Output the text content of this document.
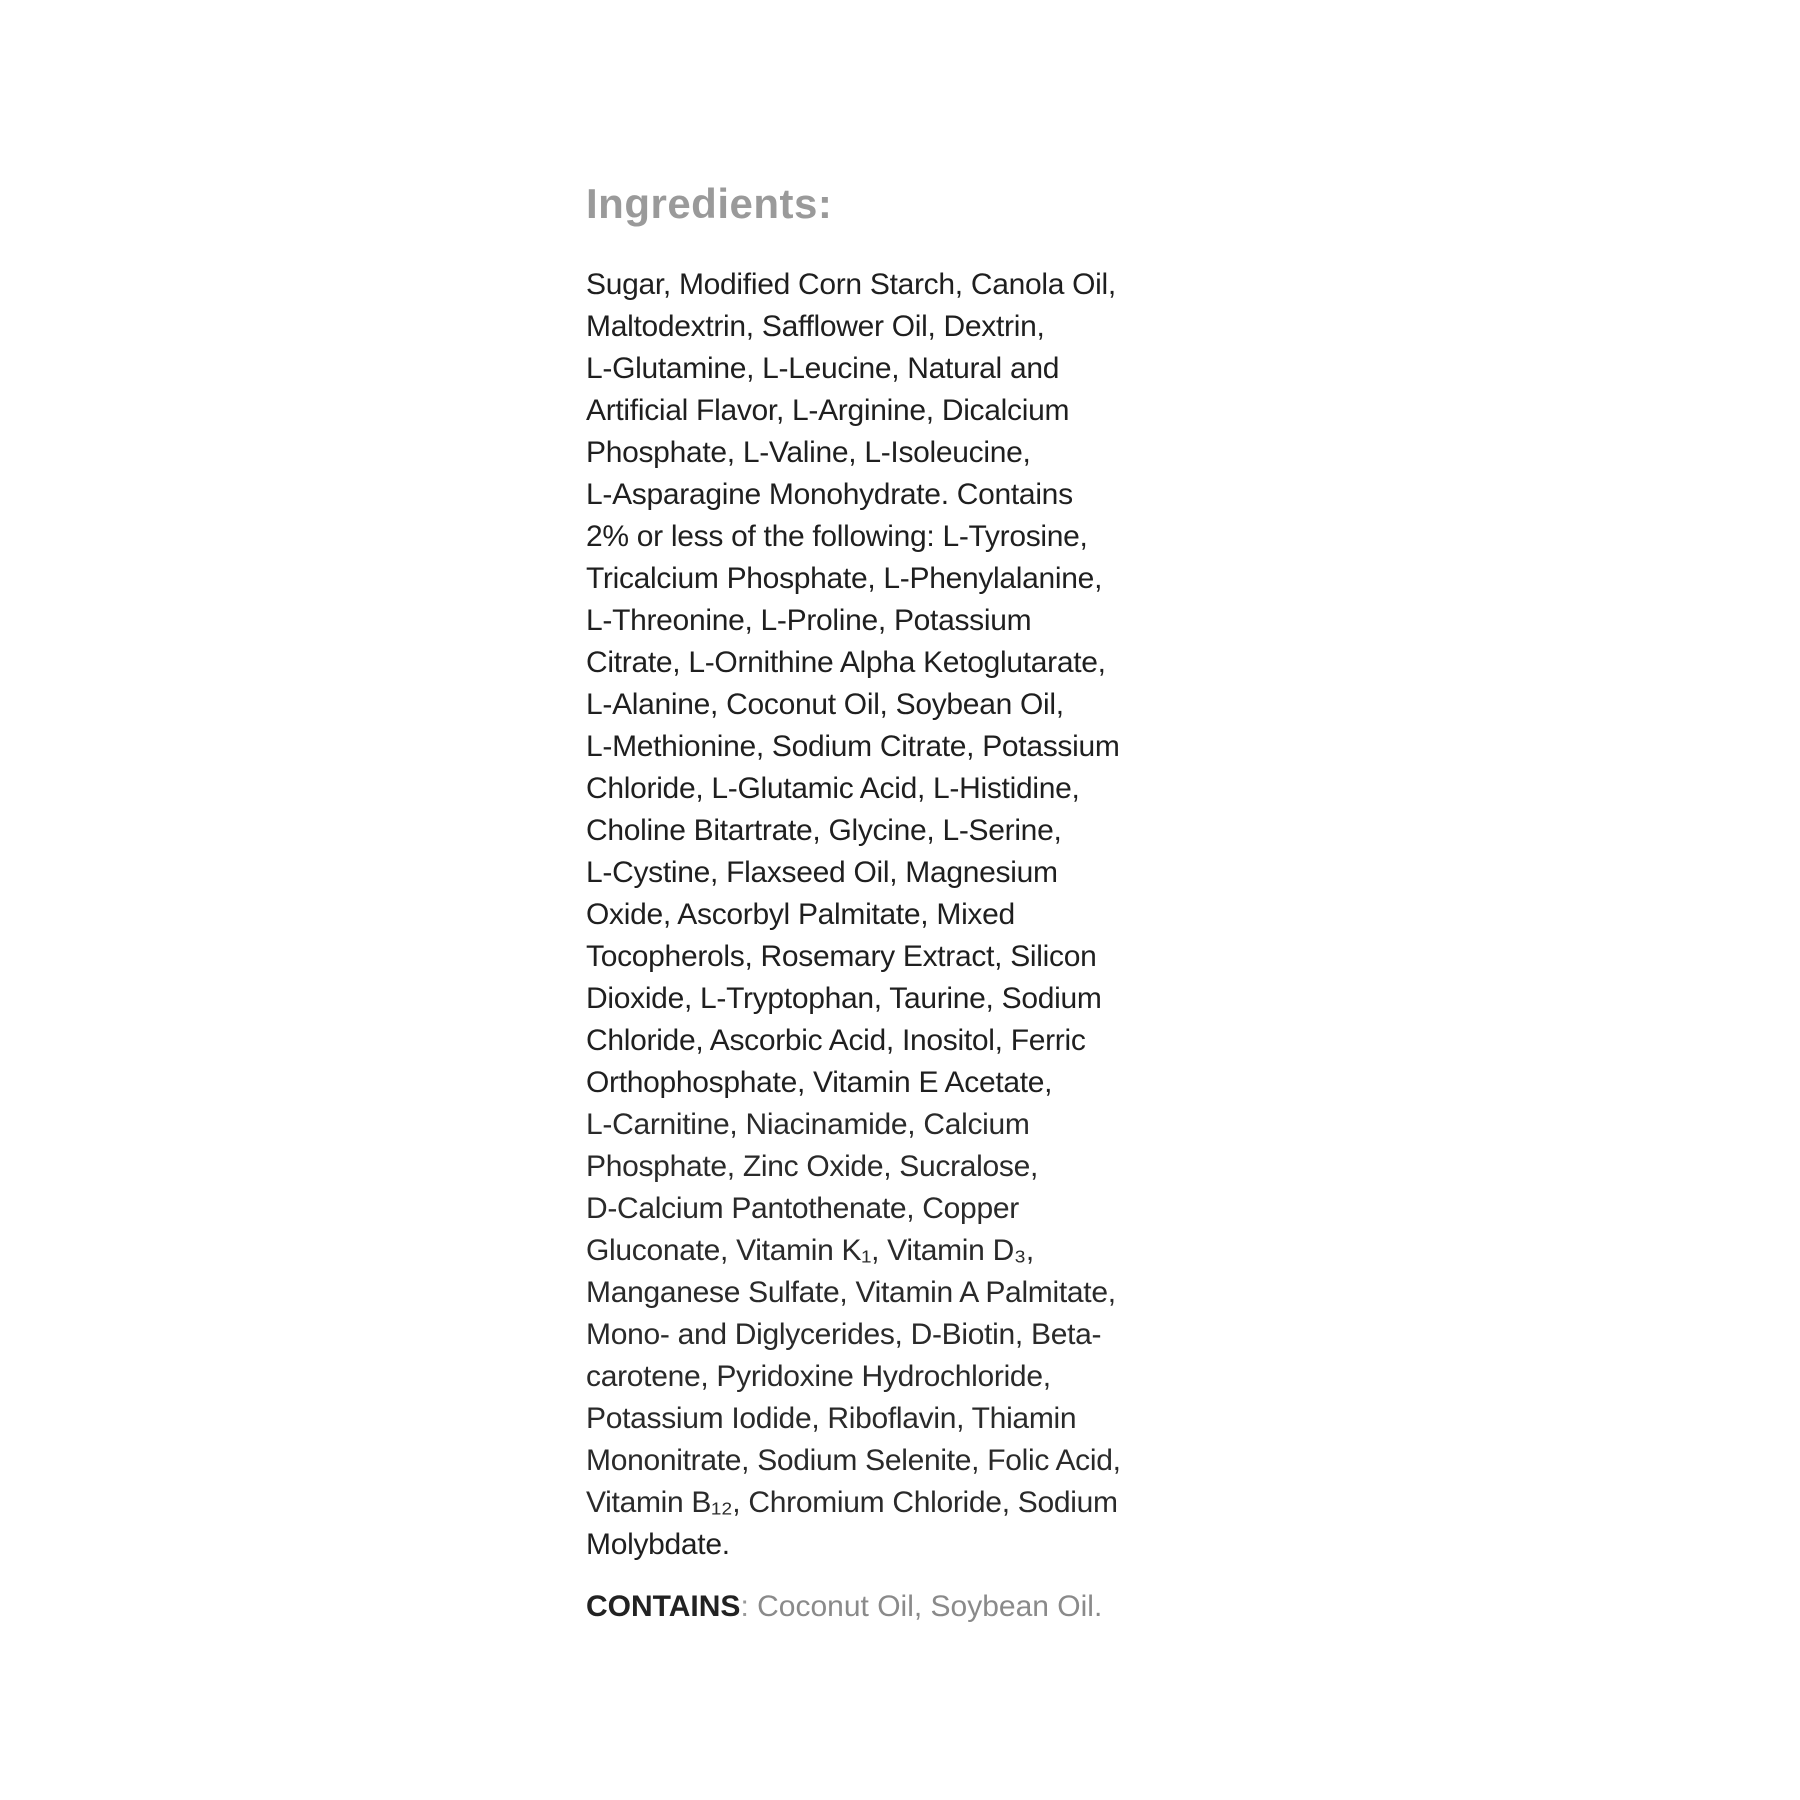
Ingredients:
Sugar, Modified Corn Starch, Canola Oil,
Maltodextrin, Safflower Oil, Dextrin,
L-Glutamine, L-Leucine, Natural and
Artificial Flavor, L-Arginine, Dicalcium
Phosphate, L-Valine, L-Isoleucine,
L-Asparagine Monohydrate. Contains
2% or less of the following: L-Tyrosine,
Tricalcium Phosphate, L-Phenylalanine,
L-Threonine, L-Proline, Potassium
Citrate, L-Ornithine Alpha Ketoglutarate,
L-Alanine, Coconut Oil, Soybean Oil,
L-Methionine, Sodium Citrate, Potassium
Chloride, L-Glutamic Acid, L-Histidine,
Choline Bitartrate, Glycine, L-Serine,
L-Cystine, Flaxseed Oil, Magnesium
Oxide, Ascorbyl Palmitate, Mixed
Tocopherols, Rosemary Extract, Silicon
Dioxide, L-Tryptophan, Taurine, Sodium
Chloride, Ascorbic Acid, Inositol, Ferric
Orthophosphate, Vitamin E Acetate,
L-Carnitine, Niacinamide, Calcium
Phosphate, Zinc Oxide, Sucralose,
D-Calcium Pantothenate, Copper
Gluconate, Vitamin K₁, Vitamin D₃,
Manganese Sulfate, Vitamin A Palmitate,
Mono- and Diglycerides, D-Biotin, Beta-
carotene, Pyridoxine Hydrochloride,
Potassium Iodide, Riboflavin, Thiamin
Mononitrate, Sodium Selenite, Folic Acid,
Vitamin B₁₂, Chromium Chloride, Sodium
Molybdate.
CONTAINS: Coconut Oil, Soybean Oil.
